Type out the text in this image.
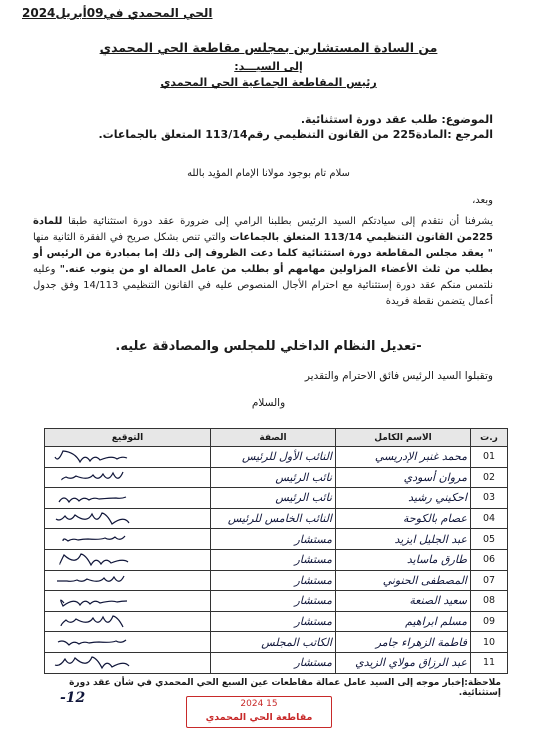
الحي المحمدي في09أبريل2024
من السادة المستشارين بمجلس مقاطعة الحي المحمدي
إلى السيـــد:
رئيس المقاطعة الجماعية الحي المحمدي
الموضوع: طلب عقد دورة استثنائية.
المرجع :المادة225 من القانون التنظيمي رقم113/14 المتعلق بالجماعات.
سلام تام بوجود مولانا الإمام المؤيد بالله
وبعد،
يشرفنا أن نتقدم إلى سيادتكم السيد الرئيس بطلبنا الرامي إلى ضرورة عقد دورة استثنائية طبقا للمادة 225من القانون التنظيمي 113/14 المتعلق بالجماعات والتي تنص بشكل صريح في الفقرة الثانية منها " يعقد مجلس المقاطعة دورة استثنائية كلما دعت الظروف إلى ذلك إما بمبادرة من الرئيس أو بطلب من ثلث الأعضاء المزاولين مهامهم أو بطلب من عامل العمالة او من ينوب عنه." وعليه نلتمس منكم عقد دورة إستثنائية مع احترام الأجال المنصوص عليه في القانون التنظيمي 14/113 وفق جدول أعمال يتضمن نقطة فريدة
-تعديل النظام الداخلي للمجلس والمصادقة عليه.
وتقبلوا السيد الرئيس فائق الاحترام والتقدير
والسلام
ر.ت	الاسم الكامل	الصفة	التوقيع
01	محمد غنبر الإدريسي	النائب الأول للرئيس	

02	مروان أسودي	نائب الرئيس	

03	احكيني رشيد	نائب الرئيس	

04	عصام بالكوحة	النائب الخامس للرئيس	

05	عبد الجليل ايزيد	مستشار	

06	طارق ماسايد	مستشار	

07	المصطفى الحنوني	مستشار	

08	سعيد الصنعة	مستشار	

09	مسلم ابراهيم	مستشار	

10	فاطمة الزهراء جامر	الكاتب المجلس	

11	عبد الرزاق مولاي الزيدي	مستشار	
ملاحظة:إخبار موجه إلى السيد عامل عمالة مقاطعات عين السبع الحي المحمدي في شأن عقد دورة إستثنائية.
-12	2024 15
مقاطعة الحي المحمدي
